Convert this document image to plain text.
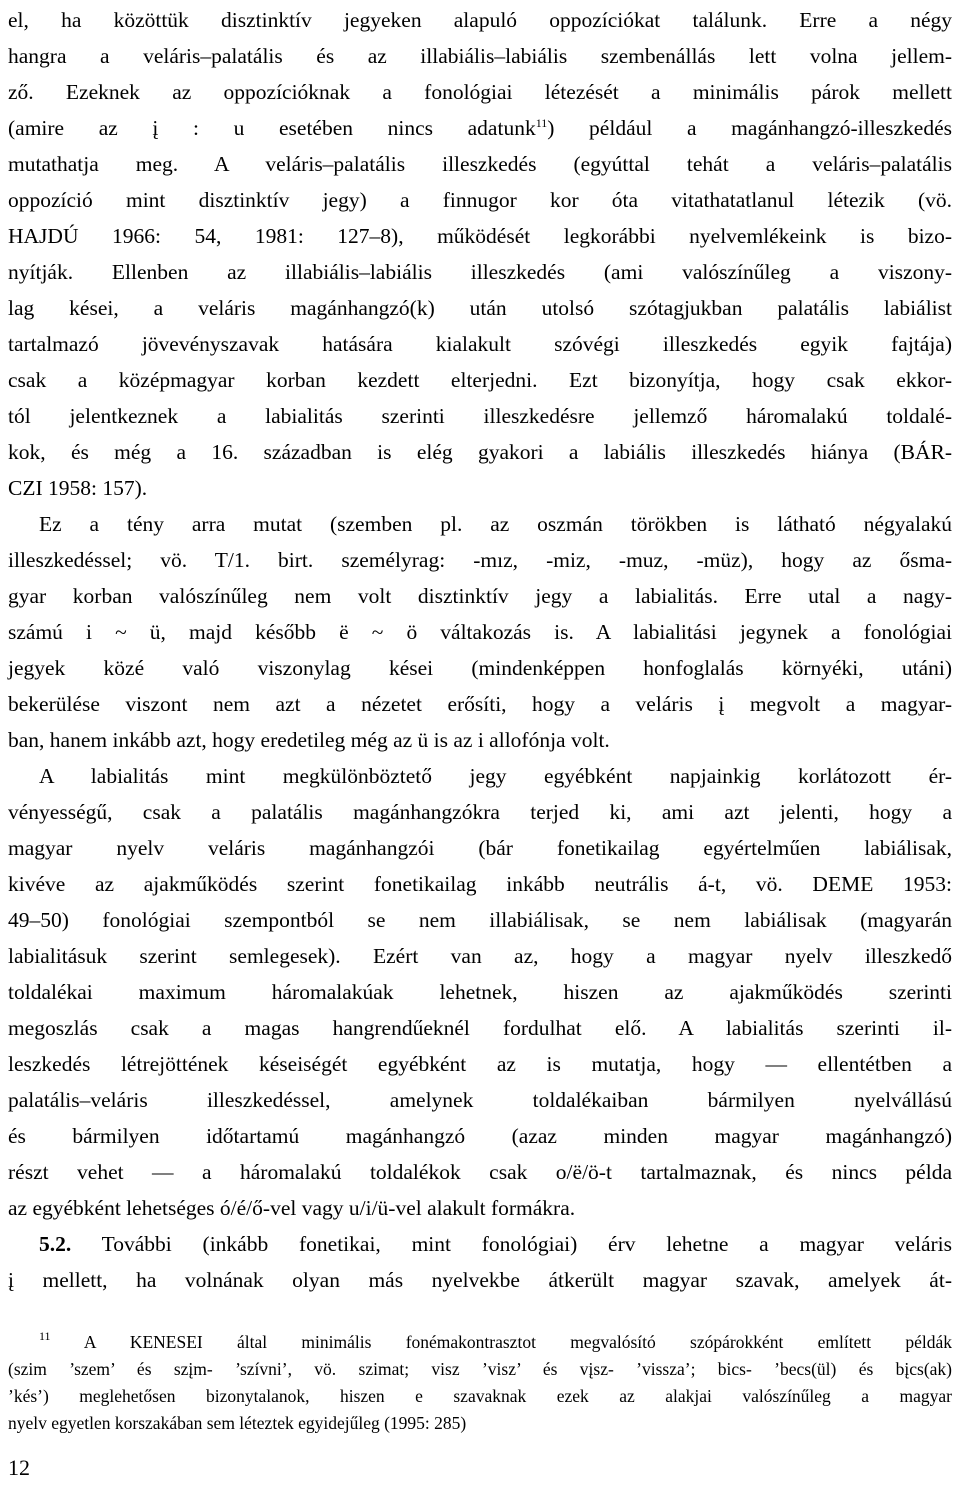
el, ha közöttük disztinktív jegyeken alapuló oppozíciókat találunk. Erre a négy
hangra a veláris–palatális és az illabiális–labiális szembenállás lett volna jellem-
ző. Ezeknek az oppozícióknak a fonológiai létezését a minimális párok mellett
(amire az į : u esetében nincs adatunk$^{11}$) például a magánhangzó-illeszkedés
mutathatja meg. A veláris–palatális illeszkedés (egyúttal tehát a veláris–palatális
oppozíció mint disztinktív jegy) a finnugor kor óta vitathatatlanul létezik (vö.
HAJDÚ 1966: 54, 1981: 127–8), működését legkorábbi nyelvemlékeink is bizo-
nyítják. Ellenben az illabiális–labiális illeszkedés (ami valószínűleg a viszony-
lag kései, a veláris magánhangzó(k) után utolsó szótagjukban palatális labiálist
tartalmazó jövevényszavak hatására kialakult szóvégi illeszkedés egyik fajtája)
csak a középmagyar korban kezdett elterjedni. Ezt bizonyítja, hogy csak ekkor-
tól jelentkeznek a labialitás szerinti illeszkedésre jellemző háromalakú toldalé-
kok, és még a 16. században is elég gyakori a labiális illeszkedés hiánya (BÁR-
CZI 1958: 157).
Ez a tény arra mutat (szemben pl. az oszmán törökben is látható négyalakú
illeszkedéssel; vö. T/1. birt. személyrag: -mız, -miz, -muz, -müz), hogy az ősma-
gyar korban valószínűleg nem volt disztinktív jegy a labialitás. Erre utal a nagy-
számú i ~ ü, majd később ë ~ ö váltakozás is. A labialitási jegynek a fonológiai
jegyek közé való viszonylag kései (mindenképpen honfoglalás környéki, utáni)
bekerülése viszont nem azt a nézetet erősíti, hogy a veláris į megvolt a magyar-
ban, hanem inkább azt, hogy eredetileg még az ü is az i allofónja volt.
A labialitás mint megkülönböztető jegy egyébként napjainkig korlátozott ér-
vényességű, csak a palatális magánhangzókra terjed ki, ami azt jelenti, hogy a
magyar nyelv veláris magánhangzói (bár fonetikailag egyértelműen labiálisak,
kivéve az ajakműködés szerint fonetikailag inkább neutrális á-t, vö. DEME 1953:
49–50) fonológiai szempontból se nem illabiálisak, se nem labiálisak (magyarán
labialitásuk szerint semlegesek). Ezért van az, hogy a magyar nyelv illeszkedő
toldalékai maximum háromalakúak lehetnek, hiszen az ajakműködés szerinti
megoszlás csak a magas hangrendűeknél fordulhat elő. A labialitás szerinti il-
leszkedés létrejöttének késeiségét egyébként az is mutatja, hogy — ellentétben a
palatális–veláris illeszkedéssel, amelynek toldalékaiban bármilyen nyelvállású
és bármilyen időtartamú magánhangzó (azaz minden magyar magánhangzó)
részt vehet — a háromalakú toldalékok csak o/ë/ö-t tartalmaznak, és nincs példa
az egyébként lehetséges ó/é/ő-vel vagy u/i/ü-vel alakult formákra.
5.2. További (inkább fonetikai, mint fonológiai) érv lehetne a magyar veláris
į mellett, ha volnának olyan más nyelvekbe átkerült magyar szavak, amelyek át-
$^{11}$ A KENESEI által minimális fonémakontrasztot megvalósító szópárokként említett példák
(szim ’szem’ és szįm- ’szívni’, vö. szimat; visz ’visz’ és vįsz- ’vissza’; bics- ’becs(ül) és bįcs(ak)
’kés’) meglehetősen bizonytalanok, hiszen e szavaknak ezek az alakjai valószínűleg a magyar
nyelv egyetlen korszakában sem léteztek egyidejűleg (1995: 285)
12
